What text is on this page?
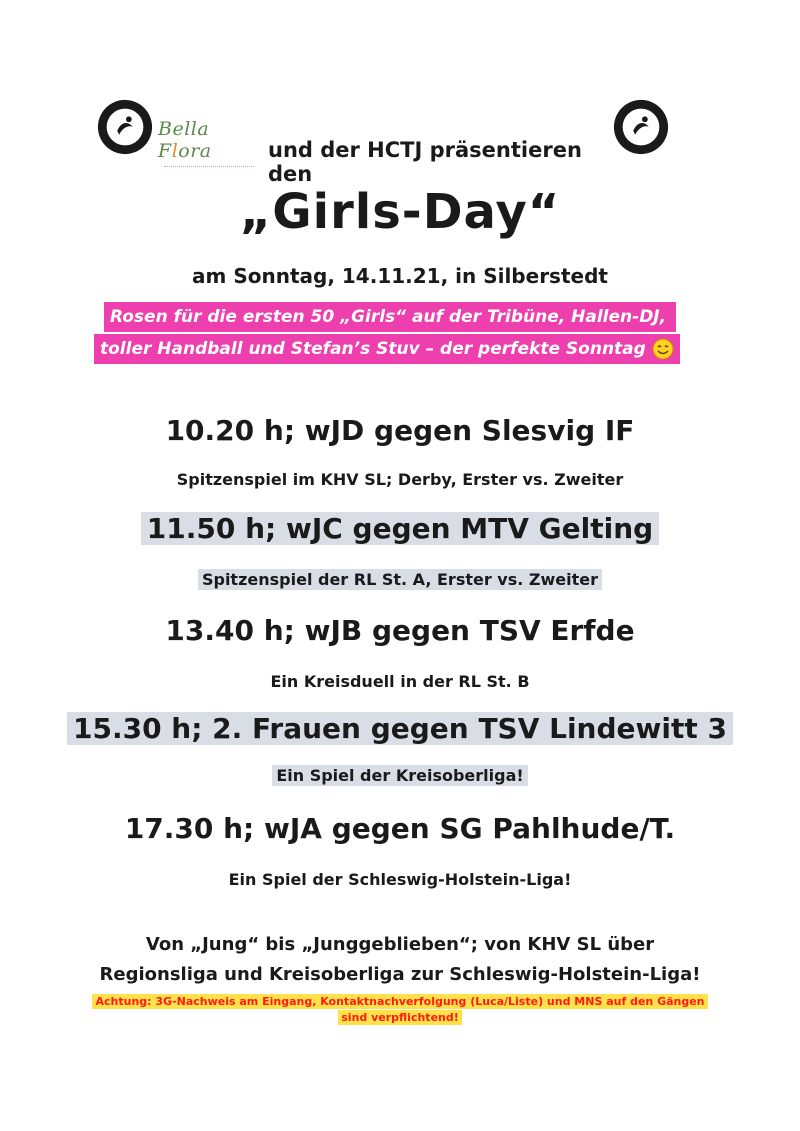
Bella Flora	und der HCTJ präsentieren den
„Girls-Day“
am Sonntag, 14.11.21, in Silberstedt
Rosen für die ersten 50 „Girls“ auf der Tribüne, Hallen-DJ,
toller Handball und Stefan’s Stuv – der perfekte Sonntag
10.20 h; wJD gegen Slesvig IF
Spitzenspiel im KHV SL; Derby, Erster vs. Zweiter
11.50 h; wJC gegen MTV Gelting
Spitzenspiel der RL St. A, Erster vs. Zweiter
13.40 h; wJB gegen TSV Erfde
Ein Kreisduell in der RL St. B
15.30 h; 2. Frauen gegen TSV Lindewitt 3
Ein Spiel der Kreisoberliga!
17.30 h; wJA gegen SG Pahlhude/T.
Ein Spiel der Schleswig-Holstein-Liga!
Von „Jung“ bis „Junggeblieben“; von KHV SL über
Regionsliga und Kreisoberliga zur Schleswig-Holstein-Liga!
Achtung: 3G-Nachweis am Eingang, Kontaktnachverfolgung (Luca/Liste) und MNS auf den Gängen
sind verpflichtend!
